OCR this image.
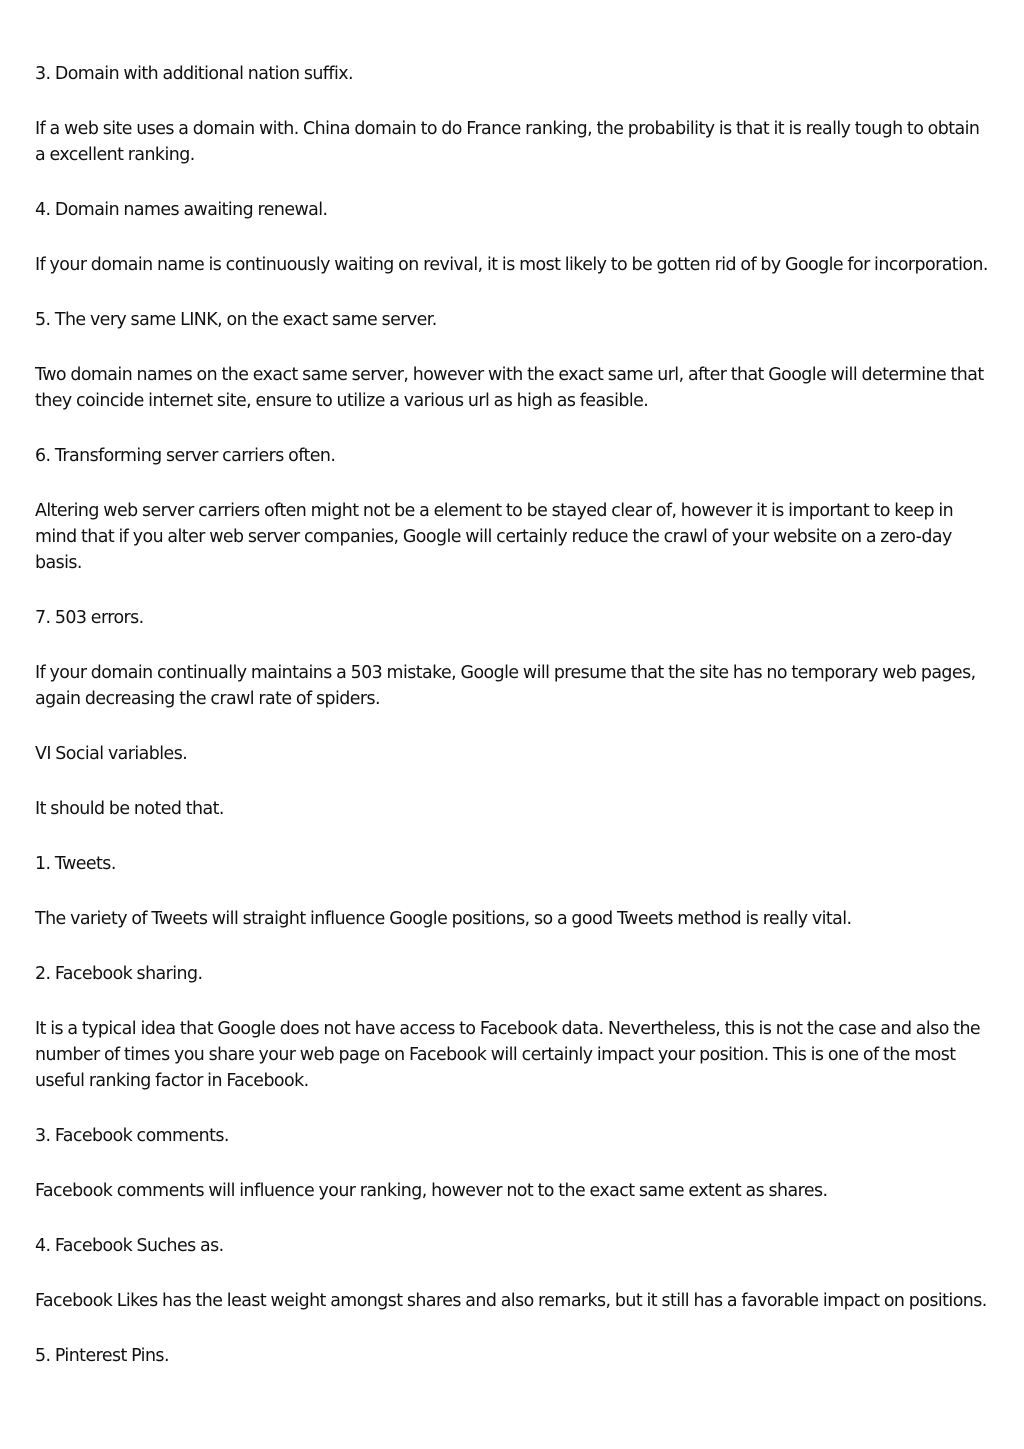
3. Domain with additional nation suffix.

If a web site uses a domain with. China domain to do France ranking, the probability is that it is really tough to obtain a excellent ranking.

4. Domain names awaiting renewal.

If your domain name is continuously waiting on revival, it is most likely to be gotten rid of by Google for incorporation.

5. The very same LINK, on the exact same server.

Two domain names on the exact same server, however with the exact same url, after that Google will determine that they coincide internet site, ensure to utilize a various url as high as feasible.

6. Transforming server carriers often.

Altering web server carriers often might not be a element to be stayed clear of, however it is important to keep in mind that if you alter web server companies, Google will certainly reduce the crawl of your website on a zero-day basis.

7. 503 errors.

If your domain continually maintains a 503 mistake, Google will presume that the site has no temporary web pages, again decreasing the crawl rate of spiders.

VI Social variables.

It should be noted that.

1. Tweets.

The variety of Tweets will straight influence Google positions, so a good Tweets method is really vital.

2. Facebook sharing.

It is a typical idea that Google does not have access to Facebook data. Nevertheless, this is not the case and also the number of times you share your web page on Facebook will certainly impact your position. This is one of the most useful ranking factor in Facebook.

3. Facebook comments.

Facebook comments will influence your ranking, however not to the exact same extent as shares.

4. Facebook Suches as.

Facebook Likes has the least weight amongst shares and also remarks, but it still has a favorable impact on positions.

5. Pinterest Pins.
